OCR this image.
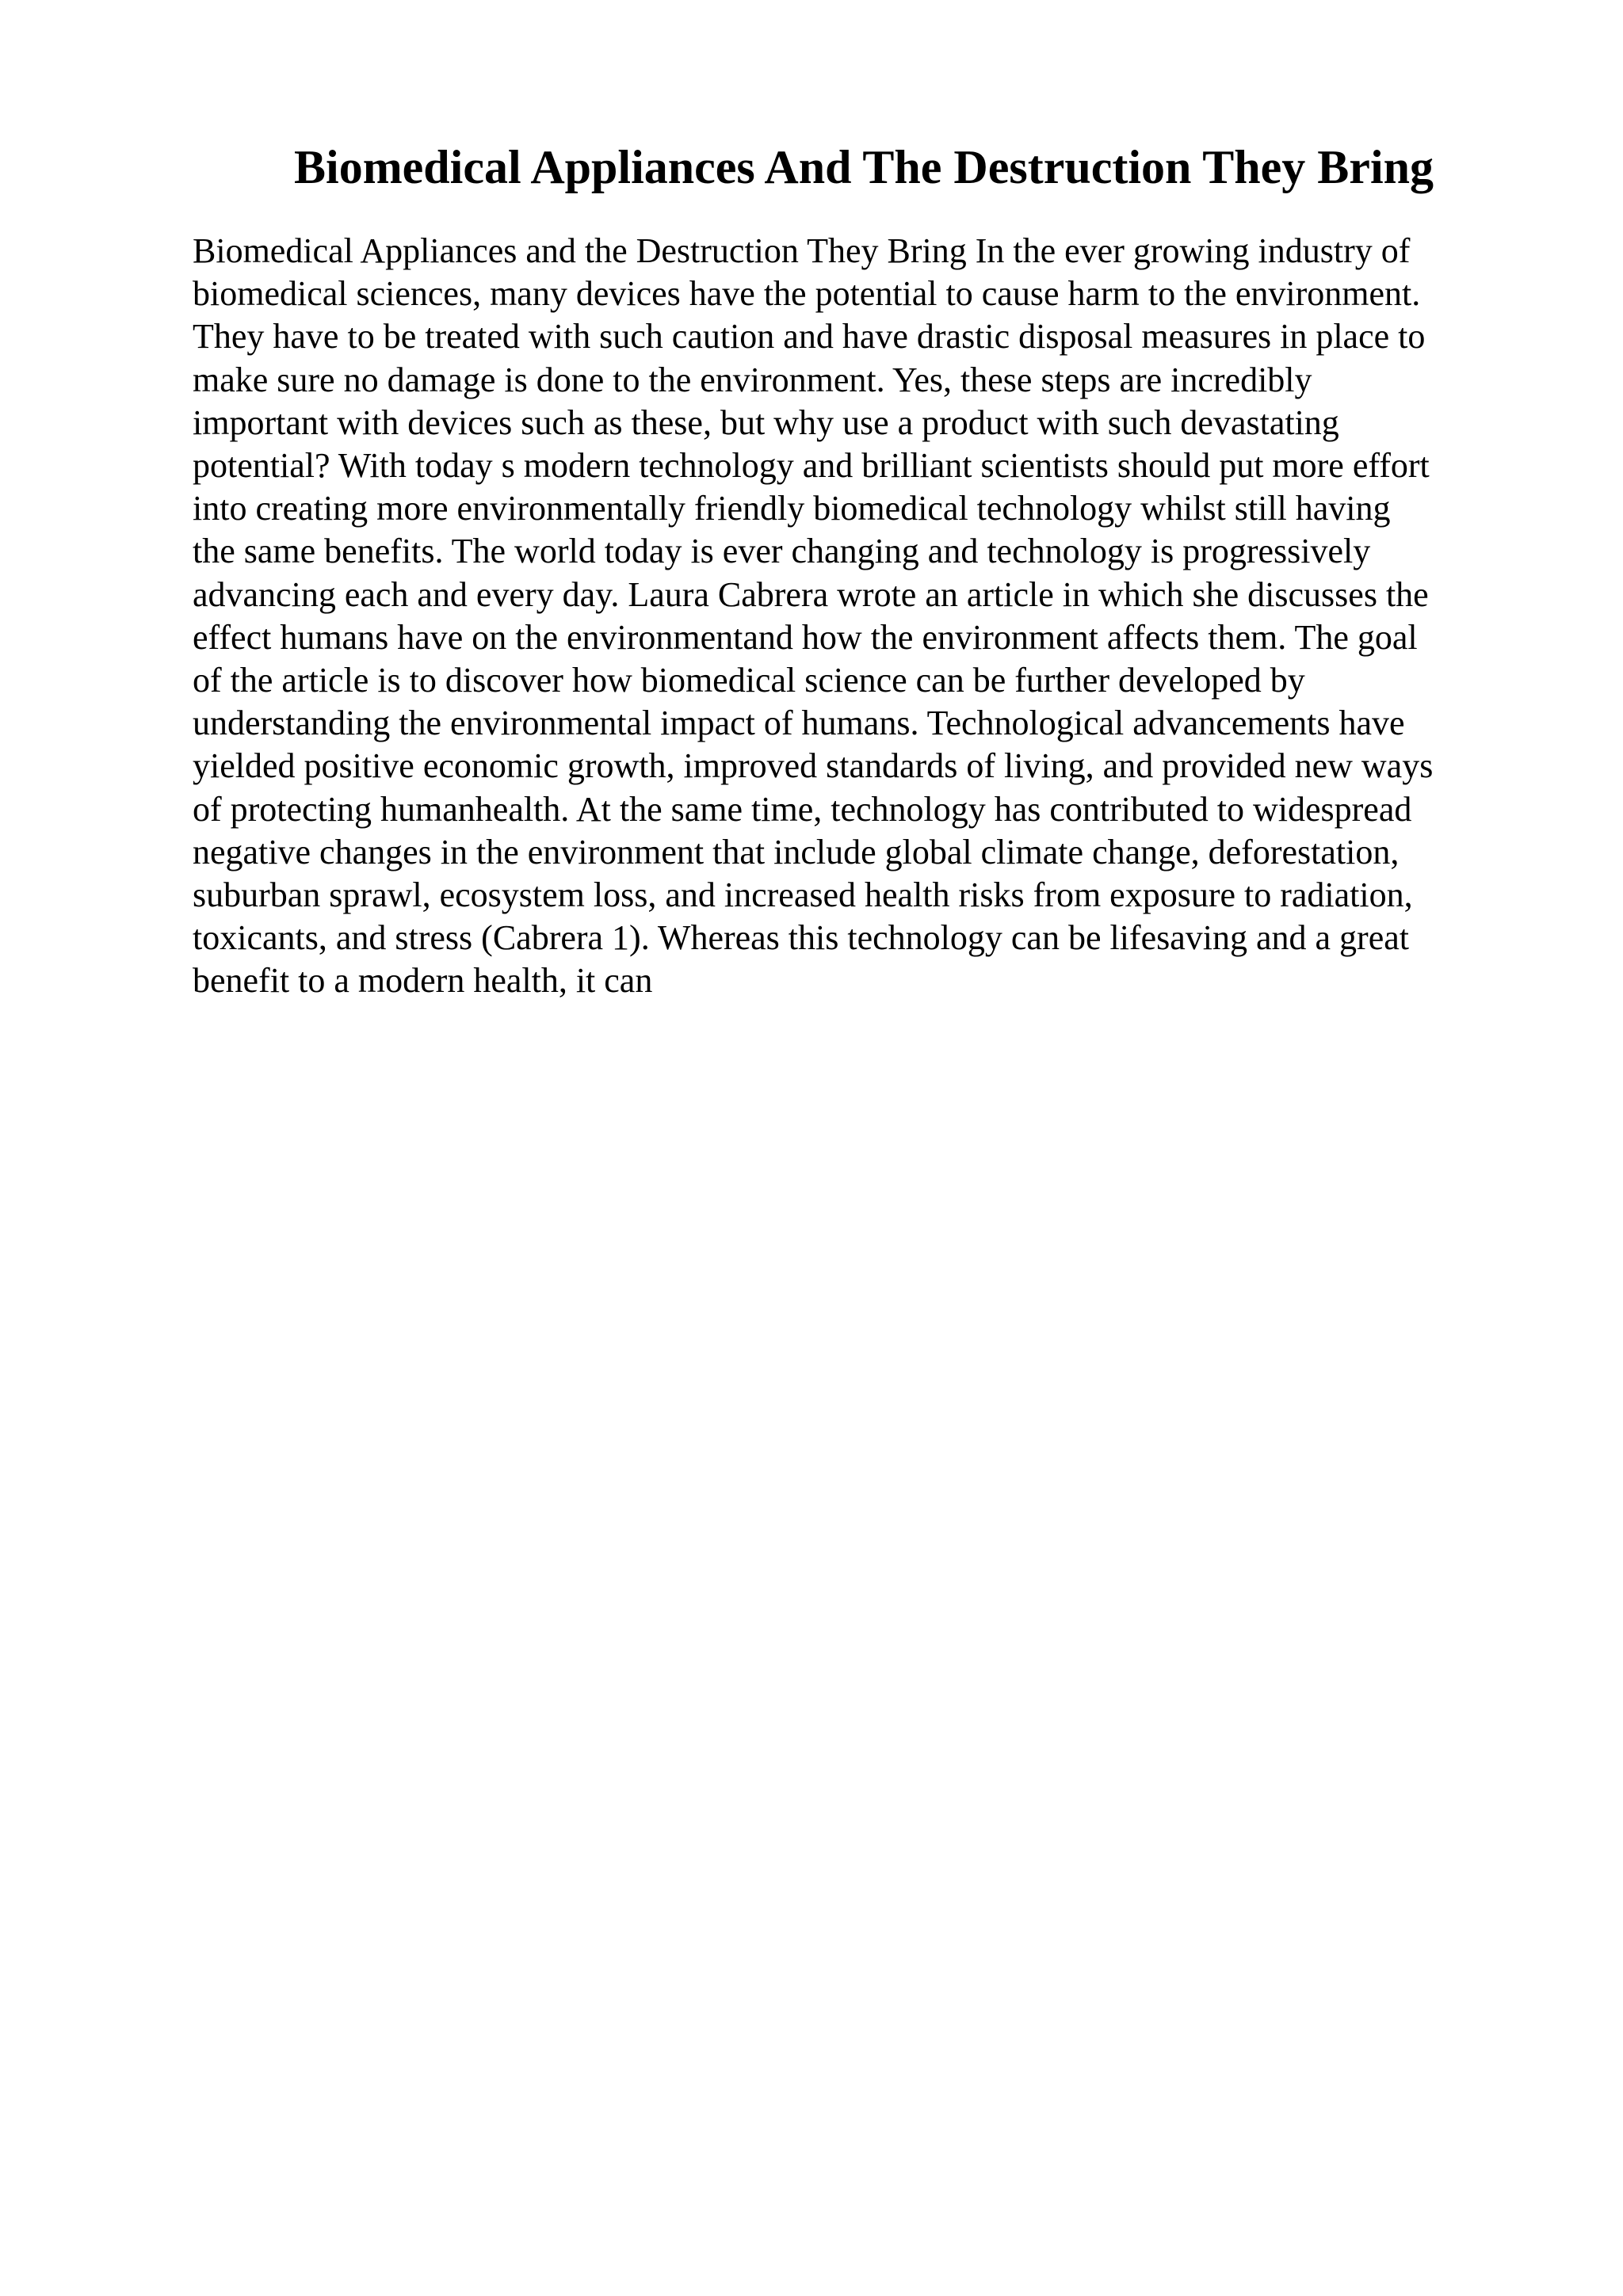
Biomedical Appliances And The Destruction They Bring
Biomedical Appliances and the Destruction They Bring In the ever growing industry of
biomedical sciences, many devices have the potential to cause harm to the environment.
They have to be treated with such caution and have drastic disposal measures in place to
make sure no damage is done to the environment. Yes, these steps are incredibly
important with devices such as these, but why use a product with such devastating
potential? With today s modern technology and brilliant scientists should put more effort
into creating more environmentally friendly biomedical technology whilst still having
the same benefits. The world today is ever changing and technology is progressively
advancing each and every day. Laura Cabrera wrote an article in which she discusses the
effect humans have on the environmentand how the environment affects them. The goal
of the article is to discover how biomedical science can be further developed by
understanding the environmental impact of humans. Technological advancements have
yielded positive economic growth, improved standards of living, and provided new ways
of protecting humanhealth. At the same time, technology has contributed to widespread
negative changes in the environment that include global climate change, deforestation,
suburban sprawl, ecosystem loss, and increased health risks from exposure to radiation,
toxicants, and stress (Cabrera 1). Whereas this technology can be lifesaving and a great
benefit to a modern health, it can
